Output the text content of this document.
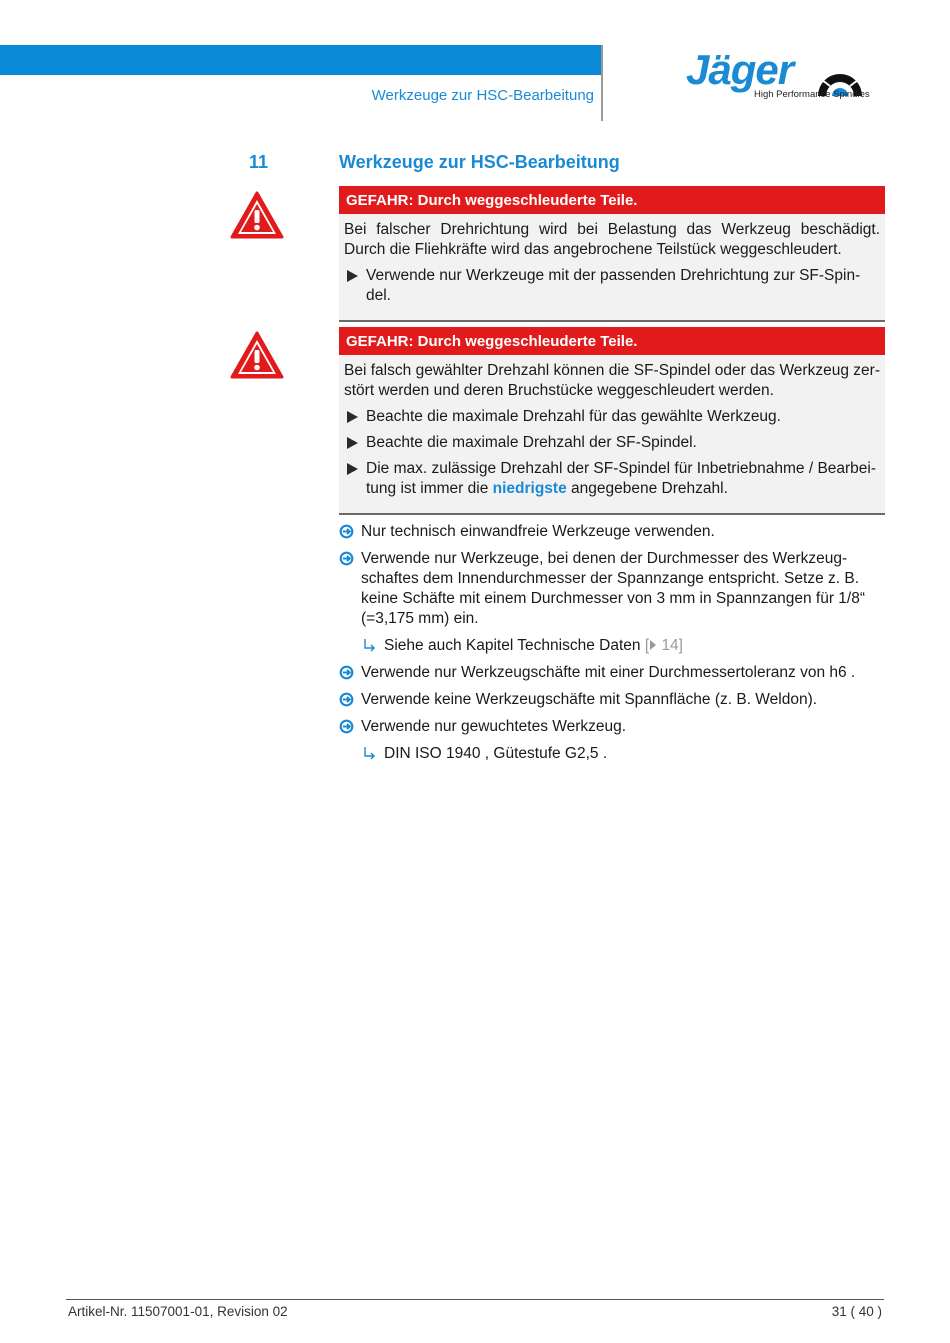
Werkzeuge zur HSC-Bearbeitung
Jäger
High Performance Spindles
11	Werkzeuge zur HSC-Bearbeitung
GEFAHR: Durch weggeschleuderte Teile.

Bei falscher Drehrichtung wird bei Belastung das Werkzeug beschädigt. Durch die Fliehkräfte wird das angebrochene Teilstück weggeschleudert.

Verwende nur Werkzeuge mit der passenden Drehrichtung zur SF-Spindel.
GEFAHR: Durch weggeschleuderte Teile.

Bei falsch gewählter Drehzahl können die SF-Spindel oder das Werkzeug zerstört werden und deren Bruchstücke weggeschleudert werden.

Beachte die maximale Drehzahl für das gewählte Werkzeug.
Beachte die maximale Drehzahl der SF-Spindel.
Die max. zulässige Drehzahl der SF-Spindel für Inbetriebnahme / Bearbeitung ist immer die niedrigste angegebene Drehzahl.
Nur technisch einwandfreie Werkzeuge verwenden.
Verwende nur Werkzeuge, bei denen der Durchmesser des Werkzeugschaftes dem Innendurchmesser der Spannzange entspricht. Setze z. B. keine Schäfte mit einem Durchmesser von 3 mm in Spannzangen für 1/8“ (=3,175 mm) ein.
Siehe auch Kapitel Technische Daten [ 14]
Verwende nur Werkzeugschäfte mit einer Durchmessertoleranz von h6 .
Verwende keine Werkzeugschäfte mit Spannfläche (z. B. Weldon).
Verwende nur gewuchtetes Werkzeug.
DIN ISO 1940 , Gütestufe G2,5 .
Artikel-Nr. 11507001-01, Revision 02	31 ( 40 )
